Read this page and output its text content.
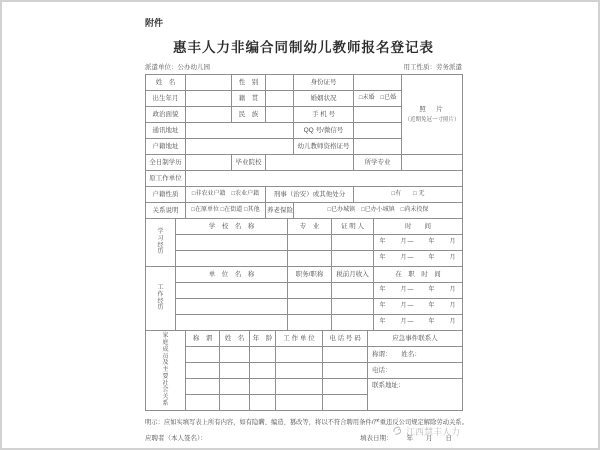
附件
惠丰人力非编合同制幼儿教师报名登记表
派遣单位：公办幼儿园	用工性质：劳务派遣
姓　名		性　别		身份证号		照　片
（近期免冠一寸照片）

出生年月		籍　贯		婚姻状况	□未婚　□已婚	
政治面貌		民　族		手 机 号		
通讯地址				QQ 号/微信号		
户籍地址				幼儿教师资格证号		
全日制学历		毕业院校			所学专业	
原工作单位						
户籍性质	□非农业户籍　□农业户籍		刑事（治安）或其他处分		□有　　□ 无	
关系说明	□在原单位 □在街道 □其他		养老保险	□已办城镇　□已办小城镇　□尚未投保		
学习经历	学　校　名　称	专　业	证 明 人	时　　间
				年　　月—　　年　　月
				年　　月—　　年　　月
工作经历	单　位　名　称	职务/职称	税前月收入	在　职　时　间
				年　　月—　　年　　月
				年　　月—　　年　　月
				年　　月—　　年　　月
家庭成员及主要社会关系	称　谓	姓　名	年　龄	工 作 单 位	电 话 号 码	应急事件联系人
						称谓：　　姓名：
						电话：
						联系地址：

明示：应如实填写表上所有内容，如有隐瞒、编造、篡改等，将以不符合聘用条件/严重违反公司规定解除劳动关系。
应聘者（本人签名）：	填表日期： 年　　月　　日
江西慧丰人力
